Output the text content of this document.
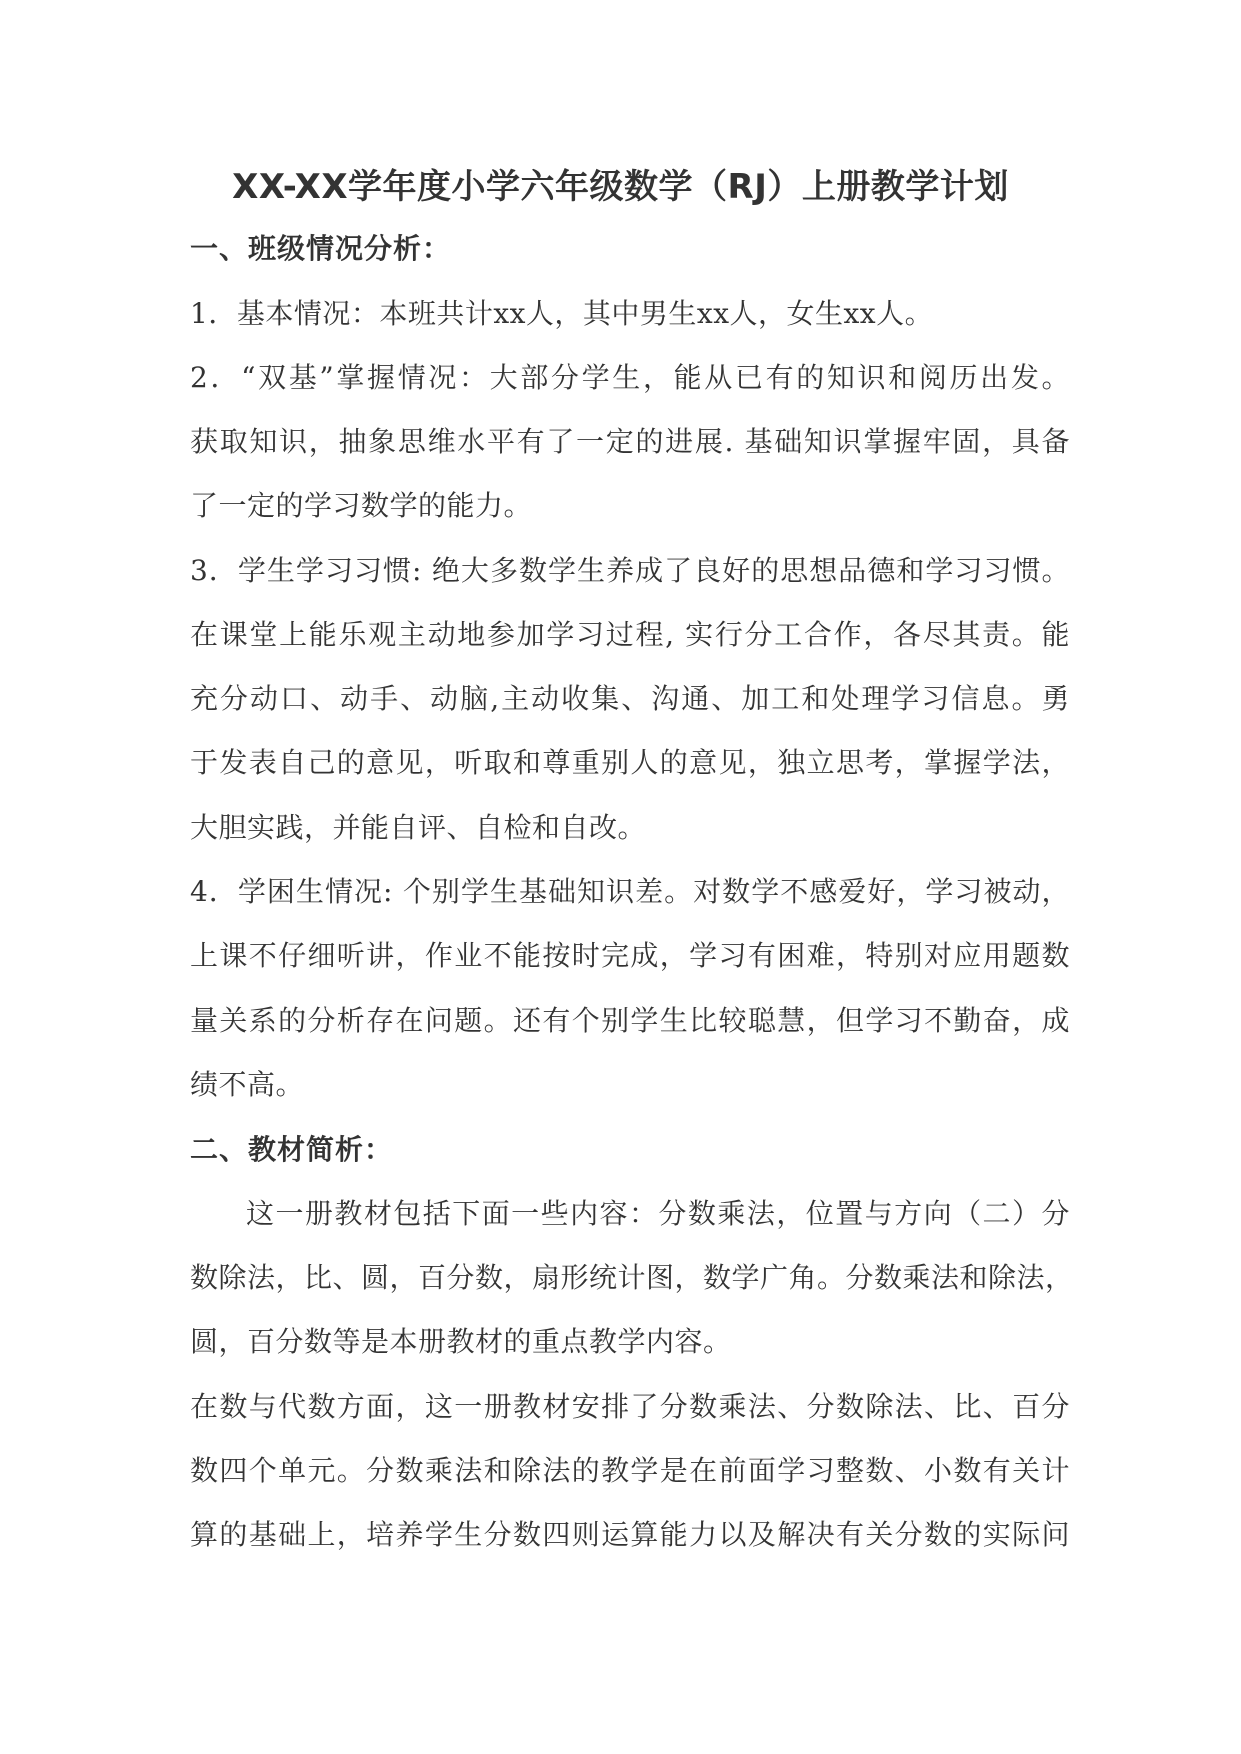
XX-XX学年度小学六年级数学（RJ）上册教学计划
一、班级情况分析：
1．基本情况：本班共计xx人，其中男生xx人，女生xx人。
2．“双基”掌握情况：大部分学生，能从已有的知识和阅历出发。
获取知识，抽象思维水平有了一定的进展. 基础知识掌握牢固，具备
了一定的学习数学的能力。
3．学生学习习惯: 绝大多数学生养成了良好的思想品德和学习习惯。
在课堂上能乐观主动地参加学习过程, 实行分工合作，各尽其责。能
充分动口、动手、动脑,主动收集、沟通、加工和处理学习信息。勇
于发表自己的意见，听取和尊重别人的意见，独立思考，掌握学法，
大胆实践，并能自评、自检和自改。
4．学困生情况: 个别学生基础知识差。对数学不感爱好，学习被动，
上课不仔细听讲，作业不能按时完成，学习有困难，特别对应用题数
量关系的分析存在问题。还有个别学生比较聪慧，但学习不勤奋，成
绩不高。
二、教材简析：
这一册教材包括下面一些内容：分数乘法，位置与方向（二）分
数除法，比、圆，百分数，扇形统计图，数学广角。分数乘法和除法，
圆，百分数等是本册教材的重点教学内容。
在数与代数方面，这一册教材安排了分数乘法、分数除法、比、百分
数四个单元。分数乘法和除法的教学是在前面学习整数、小数有关计
算的基础上，培养学生分数四则运算能力以及解决有关分数的实际问
